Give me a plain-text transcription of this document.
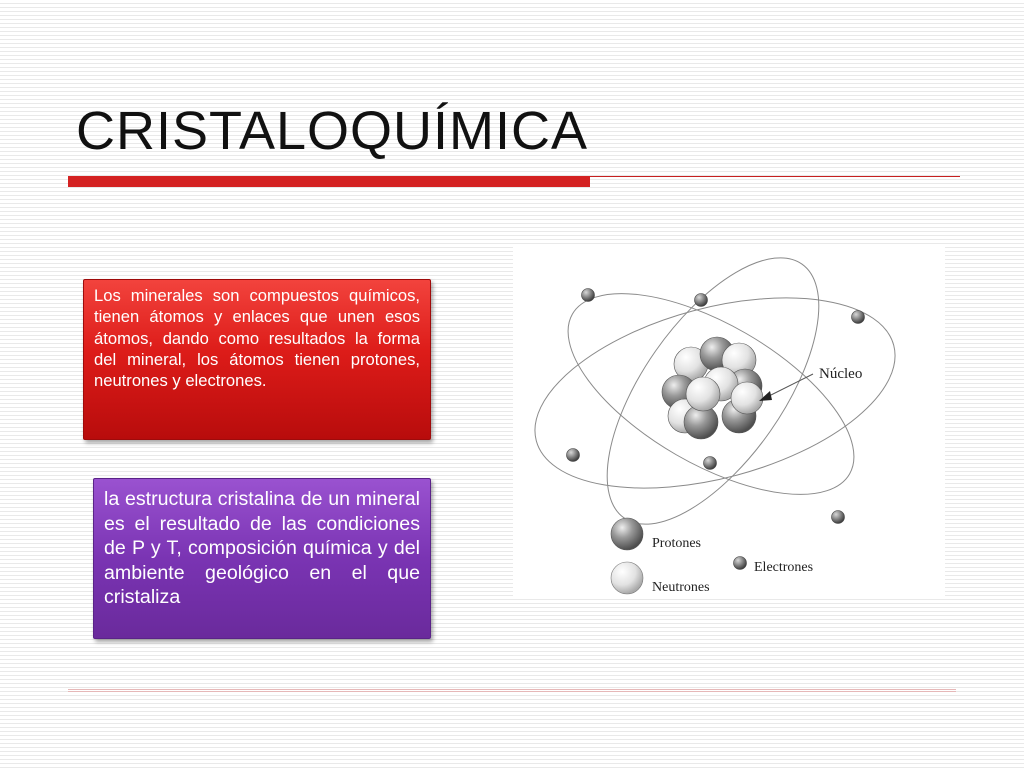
CRISTALOQUÍMICA

Los minerales son compuestos químicos, tienen átomos y enlaces que unen esos átomos, dando como resultados la forma del mineral, los átomos tienen protones, neutrones y electrones.

la estructura cristalina de un mineral es el resultado de las condiciones de P y T, composición química y del ambiente geológico en el que cristaliza

Núcleo
Protones
Neutrones
Electrones
